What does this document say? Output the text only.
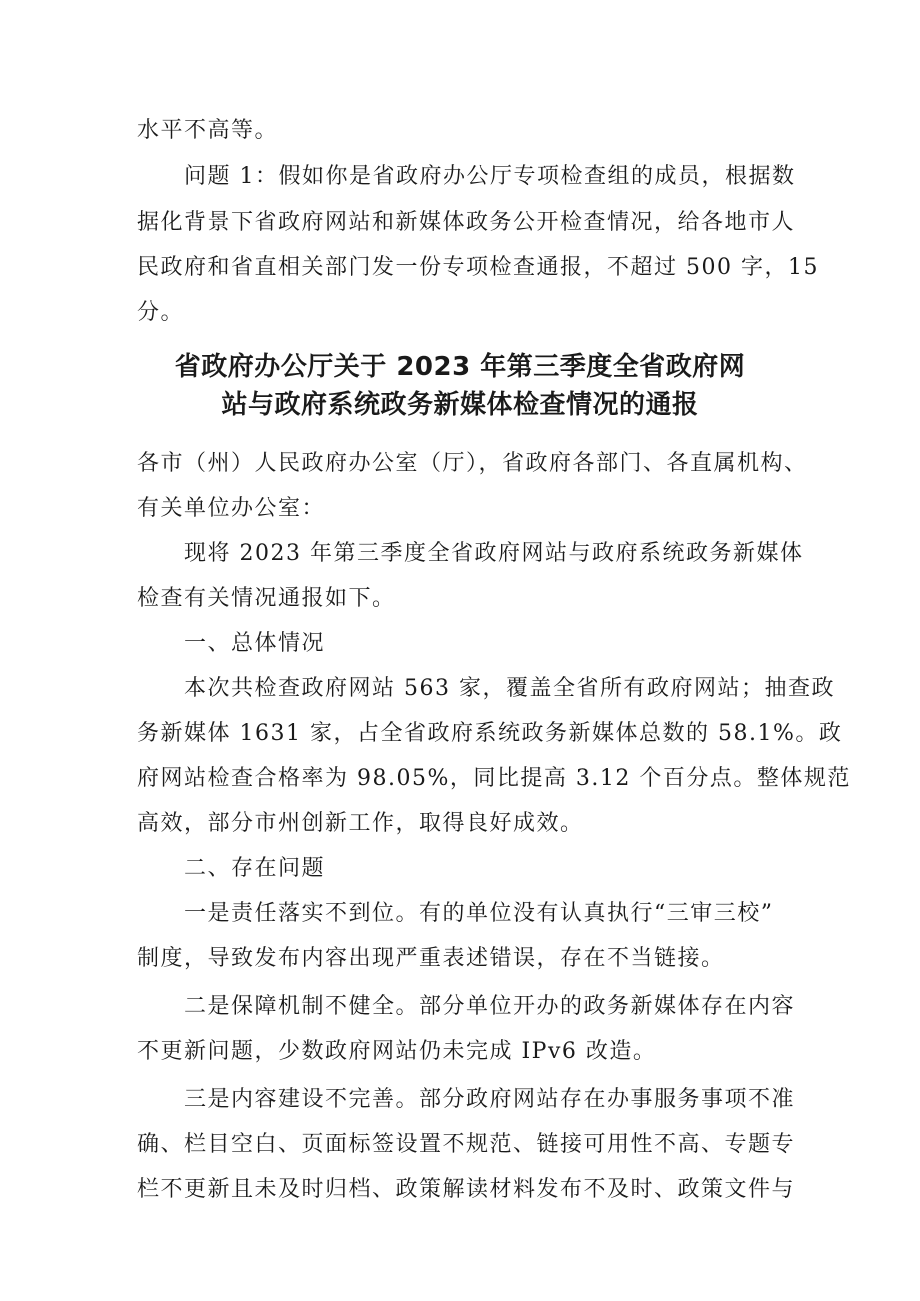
水平不高等。

问题 1：假如你是省政府办公厅专项检查组的成员，根据数

据化背景下省政府网站和新媒体政务公开检查情况，给各地市人

民政府和省直相关部门发一份专项检查通报，不超过 500 字，15

分。

省政府办公厅关于 2023 年第三季度全省政府网
站与政府系统政务新媒体检查情况的通报

各市（州）人民政府办公室（厅），省政府各部门、各直属机构、

有关单位办公室：

现将 2023 年第三季度全省政府网站与政府系统政务新媒体

检查有关情况通报如下。

一、总体情况

本次共检查政府网站 563 家，覆盖全省所有政府网站；抽查政

务新媒体 1631 家，占全省政府系统政务新媒体总数的 58.1%。政

府网站检查合格率为 98.05%，同比提高 3.12 个百分点。整体规范

高效，部分市州创新工作，取得良好成效。

二、存在问题

一是责任落实不到位。有的单位没有认真执行“三审三校”

制度，导致发布内容出现严重表述错误，存在不当链接。

二是保障机制不健全。部分单位开办的政务新媒体存在内容

不更新问题，少数政府网站仍未完成 IPv6 改造。

三是内容建设不完善。部分政府网站存在办事服务事项不准

确、栏目空白、页面标签设置不规范、链接可用性不高、专题专

栏不更新且未及时归档、政策解读材料发布不及时、政策文件与
